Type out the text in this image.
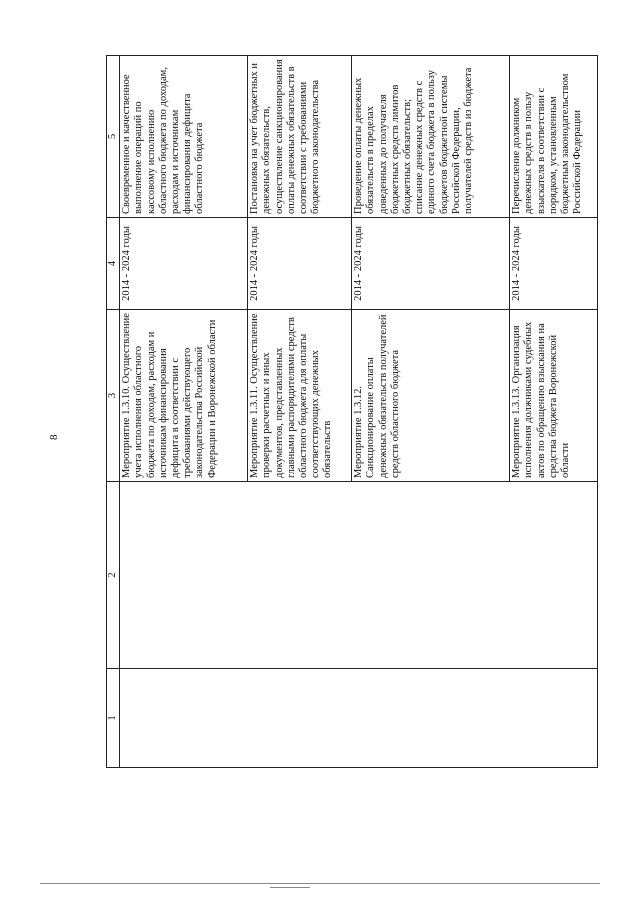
8
1	2	3	4	5
		Мероприятие 1.3.10. Осуществление учета исполнения областного бюджета по доходам, расходам и источникам финансирования дефицита в соответствии с требованиями действующего законодательства Российской Федерации и Воронежской области	2014 - 2024 годы	Своевременное и качественное выполнение операций по кассовому исполнению областного бюджета по доходам, расходам и источникам финансирования дефицита областного бюджета
		Мероприятие 1.3.11. Осуществление проверки расчетных и иных документов, представленных главными распорядителями средств областного бюджета для оплаты соответствующих денежных обязательств	2014 - 2024 годы	Постановка на учет бюджетных и денежных обязательств, осуществление санкционирования оплаты денежных обязательств в соответствии с требованиями бюджетного законодательства
		Мероприятие 1.3.12. Санкционирование оплаты денежных обязательств получателей средств областного бюджета	2014 - 2024 годы	Проведение оплаты денежных обязательств в пределах доведенных до получателя бюджетных средств лимитов бюджетных обязательств; списание денежных средств с единого счета бюджета в пользу бюджетов бюджетной системы Российской Федерации, получателей средств из бюджета
		Мероприятие 1.3.13. Организация исполнения должниками судебных актов по обращению взыскания на средства бюджета Воронежской области	2014 - 2024 годы	Перечисление должником денежных средств в пользу взыскателя в соответствии с порядком, установленным бюджетным законодательством Российской Федерации
